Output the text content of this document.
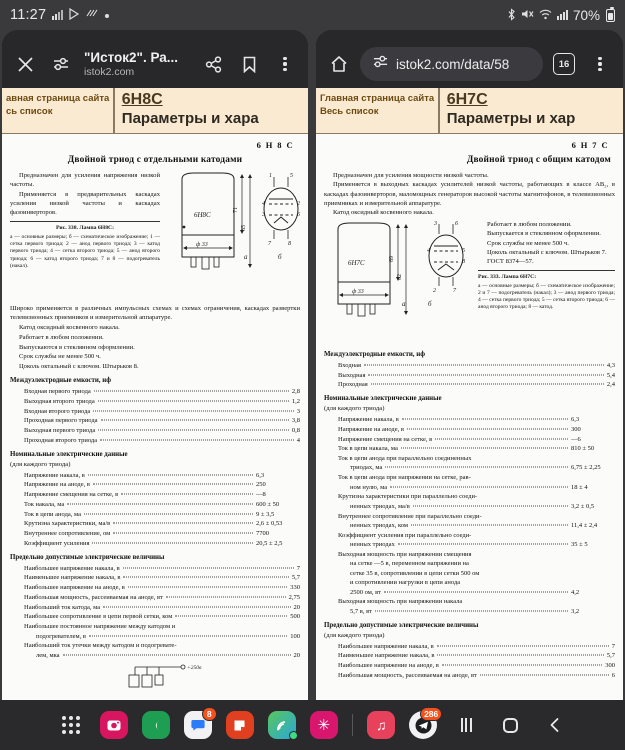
11:27	70%
"Исток2". Ра...
istok2.com
авная страница сайта
сь список
6Н8С
Параметры и хара
6 Н 8 С
Двойной триод с отдельными катодами
Предназначен для усиления напряжения низкой частоты.
Применяется в предварительных каскадах усиления низкой частоты и каскадах фазоинверторов.
Рис. 338. Лампа 6Н8С:
а — основные размеры; б — схематическое изображение; 1 — сетка первого триода; 2 — анод первого триода; 3 — катод первого триода; 4 — сетка второго триода; 5 — анод второго триода; 6 — катод второго триода; 7 и 8 — подогреватель (накал).
6Н8С
71
85
ф 33
1	5
4
3
2
6
7	8
а	б
Широко применяется в различных импульсных схемах и схемах ограничения, каскадах развертки телевизионных приемников и измерительной аппаратуре.
Катод оксидный косвенного накала.
Работает в любом положении.
Выпускаются в стеклянном оформлении.
Срок службы не менее 500 ч.
Цоколь октальный с ключом. Штырьков 8.
Междуэлектродные емкости, нф
Входная первого триода	2,8
Выходная второго триода	1,2
Входная второго триода	3
Проходная первого триода	3,8
Выходная первого триода	0,8
Проходная второго триода	4
Номинальные электрические данные
(для каждого триода)
Напряжение накала, в	6,3
Напряжение на аноде, в	250
Напряжение смещения на сетке, в	—8
Ток накала, ма	600 ± 50
Ток в цепи анода, ма	9 ± 3,5
Крутизна характеристики, ма/в	2,6 ± 0,53
Внутреннее сопротивление, ом	7700
Коэффициент усиления	20,5 ± 2,5
Предельно допустимые электрические величины
Наибольшее напряжение накала, в	7
Наименьшее напряжение накала, в	5,7
Наибольшее напряжение на аноде, в	330
Наибольшая мощность, рассеиваемая на аноде, вт	2,75
Наибольший ток катода, ма	20
Наибольшее сопротивление в цепи первой сетки, ком	500
Наибольшее постоянное напряжение между катодом и
подогревателем, в	100
Наибольший ток утечки между катодом и подогревате-
лем, мка	20
+250в
istok2.com/data/58	16
Главная страница сайта
Весь список
6Н7С
Параметры и хар
6 Н 7 С
Двойной триод с общим катодом
Предназначен для усиления мощности низкой частоты.
Применяется в выходных каскадах усилителей низкой частоты, работающих в классе АВ₂, в каскадах фазоинверторов, маломощных генераторов высокой частоты магнитофонов, в телевизионных приемниках и измерительной аппаратуре.
Катод оксидный косвенного накала.
6Н7С	69
82
ф 33
3	6
4	5
8
2	7
а	б
Работает в любом положении.
Выпускается в стеклянном оформлении.
Срок службы не менее 500 ч.
Цоколь октальный с ключом. Штырьков 7.
ГОСТ 8374—57.
Рис. 333. Лампа 6Н7С:
а — основные размеры; б — схематическое изображение; 2 и 7 — подогреватель (накал); 3 — анод первого триода; 4 — сетка первого триода; 5 — сетка второго триода; 6 — анод второго триода; 8 — катод.
Междуэлектродные емкости, нф
Входная	4,3
Выходная	5,4
Проходная	2,4
Номинальные электрические данные
(для каждого триода)
Напряжение накала, в	6,3
Напряжение на аноде, в	300
Напряжение смещения на сетке, в	—6
Ток в цепи накала, ма	810 ± 50
Ток в цепи анода при параллельно соединенных
триодах, ма	6,75 ± 2,25
Ток в цепи анода при напряжении на сетке, рав-
ном нулю, ма	18 ± 4
Крутизна характеристики при параллельно соеди-
ненных триодах, ма/в	3,2 ± 0,5
Внутреннее сопротивление при параллельно соеди-
ненных триодах, ком	11,4 ± 2,4
Коэффициент усиления при параллельно соеди-
ненных триодах	35 ± 5
Выходная мощность при напряжении смещения
на сетке —5 в, переменном напряжении на
сетке 35 в, сопротивлении в цепи сетки 500 ом
и сопротивлении нагрузки в цепи анода
2500 ом, вт	4,2
Выходная мощность при напряжении накала
5,7 в, вт	3,2
Предельно допустимые электрические величины
(для каждого триода)
Наибольшее напряжение накала, в	7
Наименьшее напряжение накала, в	5,7
Наибольшее напряжение на аноде, в	300
Наибольшая мощность, рассеиваемая на аноде, вт	6
8
✳	♫
286
